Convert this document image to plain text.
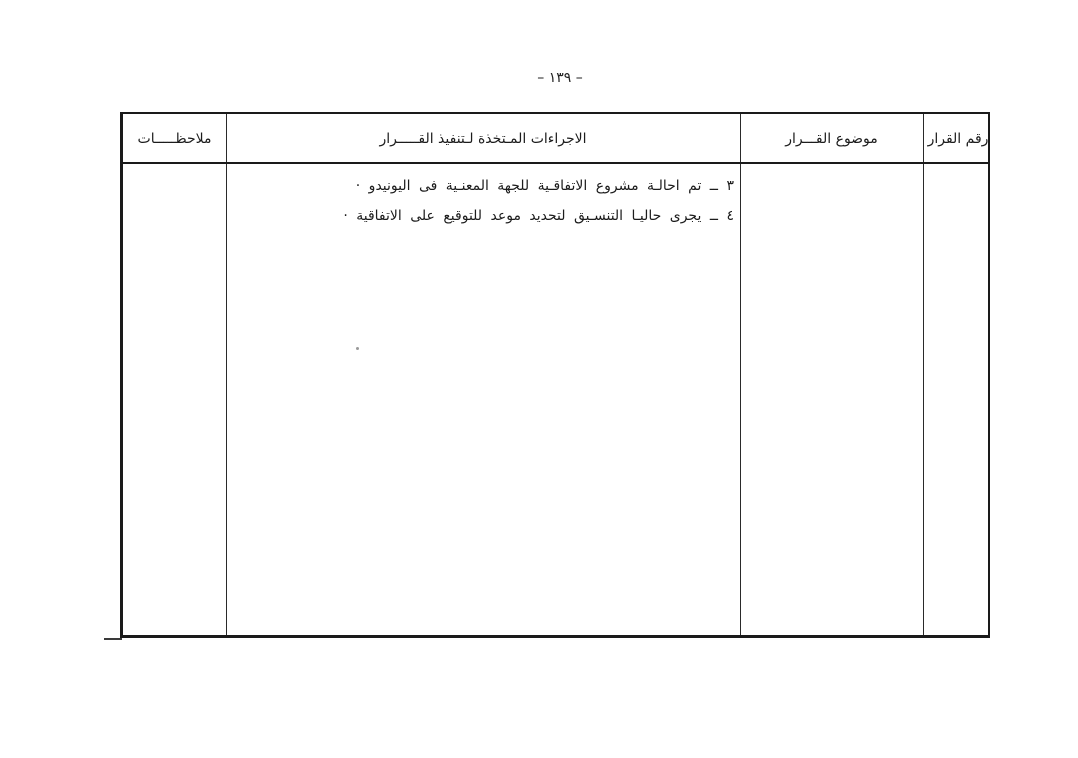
– ١٣٩ –
رقم القرار
موضوع القـــرار
الاجراءات المـتخذة لـتنفيذ القـــــرار
ملاحظـــــات
٣ ــ تم احالـة مشروع الاتفاقـية للجهة المعنـية فى اليونيدو ·
٤ ــ يجرى حاليـا التنسـيق لتحديد موعد للتوقيع على الاتفاقية ·
